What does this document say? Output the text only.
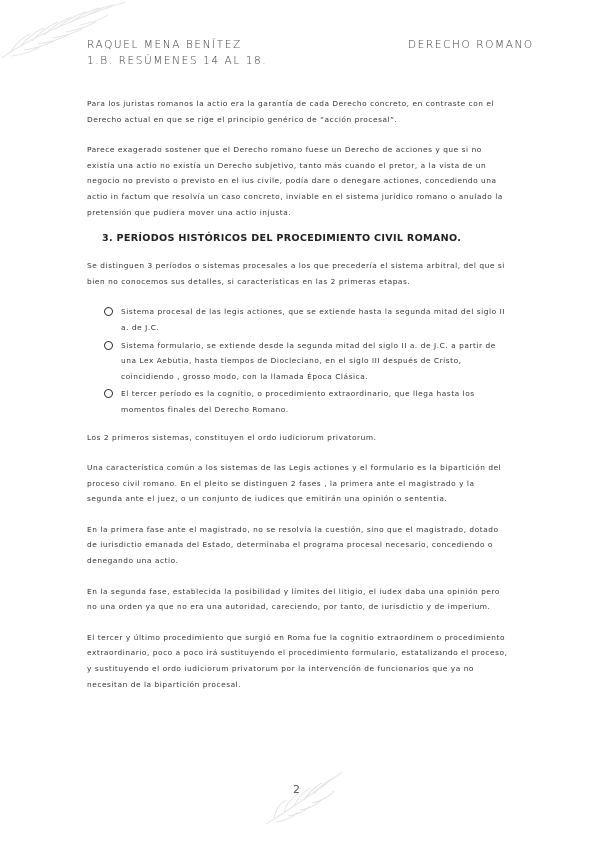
RAQUEL MENA BENÍTEZ
1.B. RESÚMENES 14 AL 18.
DERECHO ROMANO

Para los juristas romanos la actio era la garantía de cada Derecho concreto, en contraste con el Derecho actual en que se rige el principio genérico de “acción procesal”.

Parece exagerado sostener que el Derecho romano fuese un Derecho de acciones y que si no existía una actio no existía un Derecho subjetivo, tanto más cuando el pretor, a la vista de un negocio no previsto o previsto en el ius civile, podía dare o denegare actiones, concediendo una actio in factum que resolvía un caso concreto, inviable en el sistema jurídico romano o anulado la pretensión que pudiera mover una actio injusta.

3. PERÍODOS HISTÓRICOS DEL PROCEDIMIENTO CIVIL ROMANO.

Se distinguen 3 períodos o sistemas procesales a los que precedería el sistema arbitral, del que si bien no conocemos sus detalles, si características en las 2 primeras etapas.

Sistema procesal de las legis actiones, que se extiende hasta la segunda mitad del siglo II a. de J.C.
Sistema formulario, se extiende desde la segunda mitad del siglo II a. de J.C. a partir de una Lex Aebutia, hasta tiempos de Diocleciano, en el siglo III después de Cristo, coincidiendo , grosso modo, con la llamada Época Clásica.
El tercer período es la cognitio, o procedimiento extraordinario, que llega hasta los momentos finales del Derecho Romano.

Los 2 primeros sistemas, constituyen el ordo iudiciorum privatorum.

Una característica común a los sistemas de las Legis actiones y el formulario es la bipartición del proceso civil romano. En el pleito se distinguen 2 fases , la primera ante el magistrado y la segunda ante el juez, o un conjunto de iudices que emitirán una opinión o sententia.

En la primera fase ante el magistrado, no se resolvía la cuestión, sino que el magistrado, dotado de iurisdictio emanada del Estado, determinaba el programa procesal necesario, concediendo o denegando una actio.

En la segunda fase, establecida la posibilidad y límites del litigio, el iudex daba una opinión pero no una orden ya que no era una autoridad, careciendo, por tanto, de iurisdictio y de imperium.

El tercer y último procedimiento que surgió en Roma fue la cognitio extraordinem o procedimiento extraordinario, poco a poco irá sustituyendo el procedimiento formulario, estatalizando el proceso, y sustituyendo el ordo iudiciorum privatorum por la intervención de funcionarios que ya no necesitan de la bipartición procesal.

2
